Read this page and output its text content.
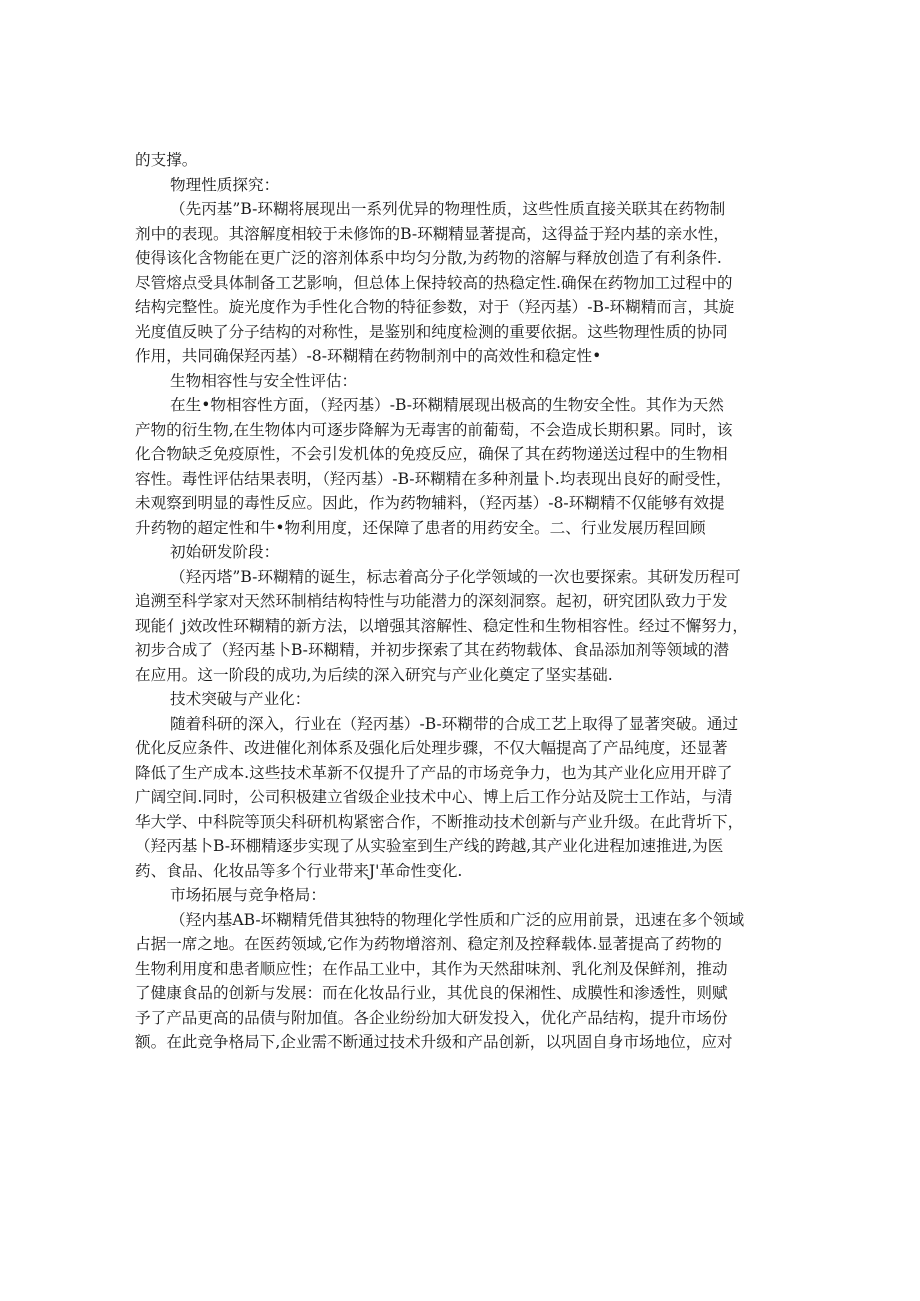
的支撑。
物理性质探究：
（先丙基”B-环糊将展现出一系列优异的物理性质，这些性质直接关联其在药物制
剂中的表现。其溶解度相较于未修饰的B-环糊精显著提高，这得益于羟内基的亲水性，
使得该化含物能在更广泛的溶剂体系中均匀分散,为药物的溶解与释放创造了有利条件.
尽管熔点受具体制备工艺影响，但总体上保持较高的热稳定性.确保在药物加工过程中的
结构完整性。旋光度作为手性化合物的特征参数，对于（羟丙基）-B-环糊精而言，其旋
光度值反映了分子结构的对称性，是鉴别和纯度检测的重要依据。这些物理性质的协同
作用，共同确保羟丙基）-8-环糊精在药物制剂中的高效性和稳定性•
生物相容性与安全性评估：
在生•物相容性方面，（羟丙基）-B-环糊精展现出极高的生物安全性。其作为天然
产物的衍生物,在生物体内可逐步降解为无毒害的前葡萄，不会造成长期积累。同时，该
化合物缺乏免疫原性，不会引发机体的免疫反应，确保了其在药物递送过程中的生物相
容性。毒性评估结果表明，（羟丙基）-B-环糊精在多种剂量卜.均表现出良好的耐受性，
未观察到明显的毒性反应。因此，作为药物辅料，（羟丙基）-8-环糊精不仅能够有效提
升药物的超定性和牛•物利用度，还保障了患者的用药安全。二、行业发展历程回顾
初始研发阶段：
（羟丙塔”B-环糊精的诞生，标志着高分子化学领域的一次也要探索。其研发历程可
追溯至科学家对天然环制梢结构特性与功能潜力的深刻洞察。起初，研究团队致力于发
现能亻j效改性环糊精的新方法，以增强其溶解性、稳定性和生物相容性。经过不懈努力，
初步合成了（羟丙基卜B-环糊精，并初步探索了其在药物载体、食品添加剂等领域的潜
在应用。这一阶段的成功,为后续的深入研究与产业化奠定了坚实基础.
技术突破与产业化：
随着科研的深入，行业在（羟丙基）-B-环糊带的合成工艺上取得了显著突破。通过
优化反应条件、改进催化剂体系及强化后处理步骤，不仅大幅提高了产品纯度，还显著
降低了生产成本.这些技术革新不仅提升了产品的市场竞争力，也为其产业化应用开辟了
广阔空间.同时，公司积极建立省级企业技术中心、博上后工作分站及院士工作站，与清
华大学、中科院等顶尖科研机构紧密合作，不断推动技术创新与产业升级。在此背圻下，
（羟丙基卜B-环棚精逐步实现了从实验室到生产线的跨越,其产业化进程加速推进,为医
药、食品、化妆品等多个行业带来J'革命性变化.
市场拓展与竞争格局：
（羟内基AB-坏糊精凭借其独特的物理化学性质和广泛的应用前景，迅速在多个领域
占据一席之地。在医药领域,它作为药物增溶剂、稳定剂及控释载体.显著提高了药物的
生物利用度和患者顺应性；在作品工业中，其作为天然甜味剂、乳化剂及保鲜剂，推动
了健康食品的创新与发展：而在化妆品行业，其优良的保湘性、成膜性和渗透性，则赋
予了产品更高的品债与附加值。各企业纷纷加大研发投入，优化产品结构，提升市场份
额。在此竞争格局下,企业需不断通过技术升级和产品创新，以巩固自身市场地位，应对
